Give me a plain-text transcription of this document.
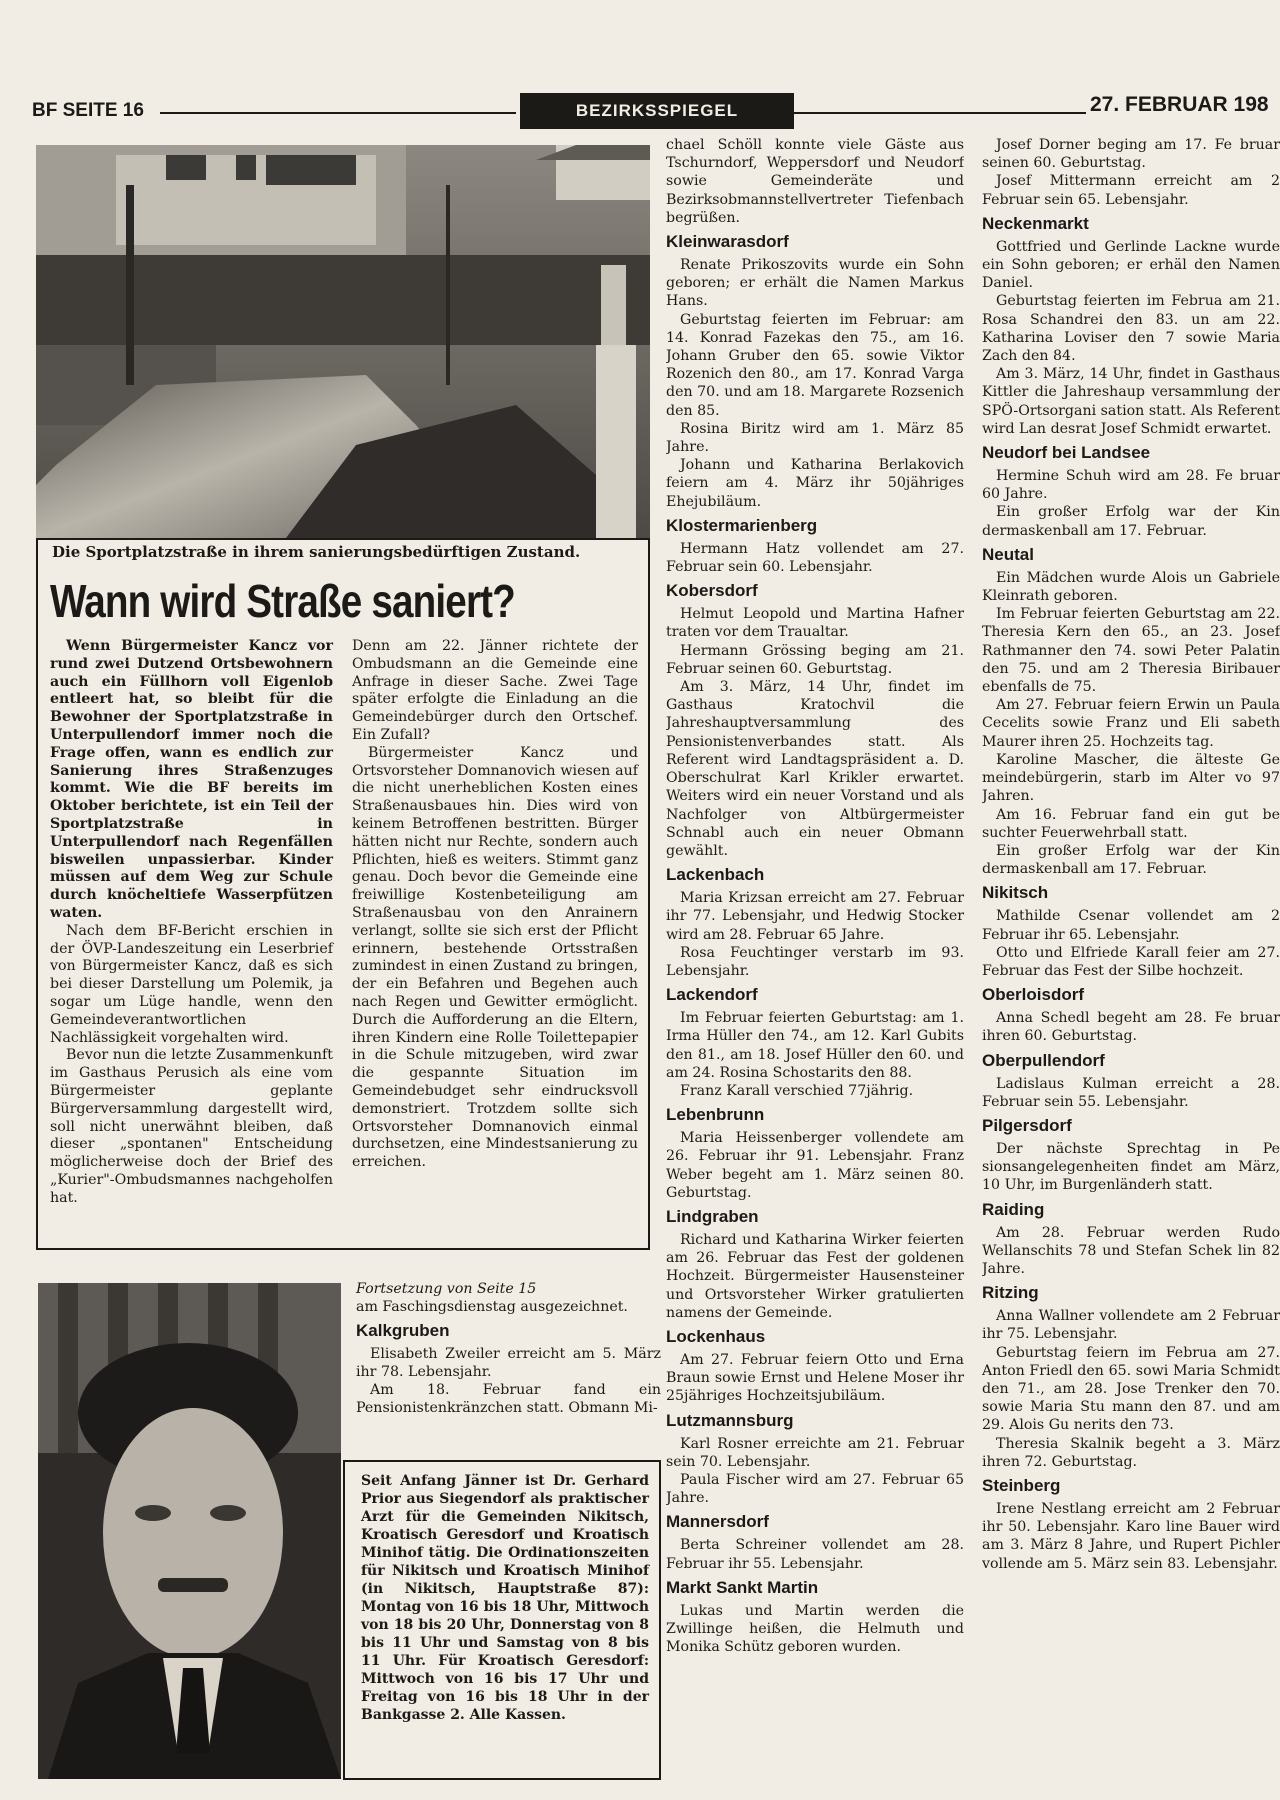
BF SEITE 16	BEZIRKSSPIEGEL	27. FEBRUAR 198
Die Sportplatzstraße in ihrem sanierungsbedürftigen Zustand.
Wann wird Straße saniert?

Wenn Bürgermeister Kancz vor rund zwei Dutzend Ortsbewohnern auch ein Füllhorn voll Eigenlob entleert hat, so bleibt für die Bewohner der Sportplatzstraße in Unterpullendorf immer noch die Frage offen, wann es endlich zur Sanierung ihres Straßenzuges kommt. Wie die BF bereits im Oktober berichtete, ist ein Teil der Sportplatzstraße in Unterpullendorf nach Regenfällen bisweilen unpassierbar. Kinder müssen auf dem Weg zur Schule durch knöcheltiefe Wasserpfützen waten.

Nach dem BF-Bericht erschien in der ÖVP-Landeszeitung ein Leserbrief von Bürgermeister Kancz, daß es sich bei dieser Darstellung um Polemik, ja sogar um Lüge handle, wenn den Gemeindeverantwortlichen Nachlässigkeit vorgehalten wird.

Bevor nun die letzte Zusammenkunft im Gasthaus Perusich als eine vom Bürgermeister geplante Bürgerversammlung dargestellt wird, soll nicht unerwähnt bleiben, daß dieser „spontanen" Entscheidung möglicherweise doch der Brief des „Kurier"-Ombudsmannes nachgeholfen hat.

Denn am 22. Jänner richtete der Ombudsmann an die Gemeinde eine Anfrage in dieser Sache. Zwei Tage später erfolgte die Einladung an die Gemeindebürger durch den Ortschef. Ein Zufall?

Bürgermeister Kancz und Ortsvorsteher Domnanovich wiesen auf die nicht unerheblichen Kosten eines Straßenausbaues hin. Dies wird von keinem Betroffenen bestritten. Bürger hätten nicht nur Rechte, sondern auch Pflichten, hieß es weiters. Stimmt ganz genau. Doch bevor die Gemeinde eine freiwillige Kostenbeteiligung am Straßenausbau von den Anrainern verlangt, sollte sie sich erst der Pflicht erinnern, bestehende Ortsstraßen zumindest in einen Zustand zu bringen, der ein Befahren und Begehen auch nach Regen und Gewitter ermöglicht. Durch die Aufforderung an die Eltern, ihren Kindern eine Rolle Toilettepapier in die Schule mitzugeben, wird zwar die gespannte Situation im Gemeindebudget sehr eindrucksvoll demonstriert. Trotzdem sollte sich Ortsvorsteher Domnanovich einmal durchsetzen, eine Mindestsanierung zu erreichen.

Fortsetzung von Seite 15

am Faschingsdienstag ausgezeichnet.

Kalkgruben

Elisabeth Zweiler erreicht am 5. März ihr 78. Lebensjahr.

Am 18. Februar fand ein Pensionistenkränzchen statt. Obmann Mi-

Seit Anfang Jänner ist Dr. Gerhard Prior aus Siegendorf als praktischer Arzt für die Gemeinden Nikitsch, Kroatisch Geresdorf und Kroatisch Minihof tätig. Die Ordinationszeiten für Nikitsch und Kroatisch Minihof (in Nikitsch, Hauptstraße 87): Montag von 16 bis 18 Uhr, Mittwoch von 18 bis 20 Uhr, Donnerstag von 8 bis 11 Uhr und Samstag von 8 bis 11 Uhr. Für Kroatisch Geresdorf: Mittwoch von 16 bis 17 Uhr und Freitag von 16 bis 18 Uhr in der Bankgasse 2. Alle Kassen.

chael Schöll konnte viele Gäste aus Tschurndorf, Weppersdorf und Neudorf sowie Gemeinderäte und Bezirksobmannstellvertreter Tiefenbach begrüßen.

Kleinwarasdorf

Renate Prikoszovits wurde ein Sohn geboren; er erhält die Namen Markus Hans.

Geburtstag feierten im Februar: am 14. Konrad Fazekas den 75., am 16. Johann Gruber den 65. sowie Viktor Rozenich den 80., am 17. Konrad Varga den 70. und am 18. Margarete Rozsenich den 85.

Rosina Biritz wird am 1. März 85 Jahre.

Johann und Katharina Berlakovich feiern am 4. März ihr 50jähriges Ehejubiläum.

Klostermarienberg

Hermann Hatz vollendet am 27. Februar sein 60. Lebensjahr.

Kobersdorf

Helmut Leopold und Martina Hafner traten vor dem Traualtar.

Hermann Grössing beging am 21. Februar seinen 60. Geburtstag.

Am 3. März, 14 Uhr, findet im Gasthaus Kratochvil die Jahreshauptversammlung des Pensionistenverbandes statt. Als Referent wird Landtagspräsident a. D. Oberschulrat Karl Krikler erwartet. Weiters wird ein neuer Vorstand und als Nachfolger von Altbürgermeister Schnabl auch ein neuer Obmann gewählt.

Lackenbach

Maria Krizsan erreicht am 27. Februar ihr 77. Lebensjahr, und Hedwig Stocker wird am 28. Februar 65 Jahre.

Rosa Feuchtinger verstarb im 93. Lebensjahr.

Lackendorf

Im Februar feierten Geburtstag: am 1. Irma Hüller den 74., am 12. Karl Gubits den 81., am 18. Josef Hüller den 60. und am 24. Rosina Schostarits den 88.

Franz Karall verschied 77jährig.

Lebenbrunn

Maria Heissenberger vollendete am 26. Februar ihr 91. Lebensjahr. Franz Weber begeht am 1. März seinen 80. Geburtstag.

Lindgraben

Richard und Katharina Wirker feierten am 26. Februar das Fest der goldenen Hochzeit. Bürgermeister Hausensteiner und Ortsvorsteher Wirker gratulierten namens der Gemeinde.

Lockenhaus

Am 27. Februar feiern Otto und Erna Braun sowie Ernst und Helene Moser ihr 25jähriges Hochzeitsjubiläum.

Lutzmannsburg

Karl Rosner erreichte am 21. Februar sein 70. Lebensjahr.

Paula Fischer wird am 27. Februar 65 Jahre.

Mannersdorf

Berta Schreiner vollendet am 28. Februar ihr 55. Lebensjahr.

Markt Sankt Martin

Lukas und Martin werden die Zwillinge heißen, die Helmuth und Monika Schütz geboren wurden.

Josef Dorner beging am 17. Fe bruar seinen 60. Geburtstag.

Josef Mittermann erreicht am 2 Februar sein 65. Lebensjahr.

Neckenmarkt

Gottfried und Gerlinde Lackne wurde ein Sohn geboren; er erhäl den Namen Daniel.

Geburtstag feierten im Februa am 21. Rosa Schandrei den 83. un am 22. Katharina Loviser den 7 sowie Maria Zach den 84.

Am 3. März, 14 Uhr, findet in Gasthaus Kittler die Jahreshaup versammlung der SPÖ-Ortsorgani sation statt. Als Referent wird Lan desrat Josef Schmidt erwartet.

Neudorf bei Landsee

Hermine Schuh wird am 28. Fe bruar 60 Jahre.

Ein großer Erfolg war der Kin dermaskenball am 17. Februar.

Neutal

Ein Mädchen wurde Alois un Gabriele Kleinrath geboren.

Im Februar feierten Geburtstag am 22. Theresia Kern den 65., an 23. Josef Rathmanner den 74. sowi Peter Palatin den 75. und am 2 Theresia Biribauer ebenfalls de 75.

Am 27. Februar feiern Erwin un Paula Cecelits sowie Franz und Eli sabeth Maurer ihren 25. Hochzeits tag.

Karoline Mascher, die älteste Ge meindebürgerin, starb im Alter vo 97 Jahren.

Am 16. Februar fand ein gut be suchter Feuerwehrball statt.

Ein großer Erfolg war der Kin dermaskenball am 17. Februar.

Nikitsch

Mathilde Csenar vollendet am 2 Februar ihr 65. Lebensjahr.

Otto und Elfriede Karall feier am 27. Februar das Fest der Silbe hochzeit.

Oberloisdorf

Anna Schedl begeht am 28. Fe bruar ihren 60. Geburtstag.

Oberpullendorf

Ladislaus Kulman erreicht a 28. Februar sein 55. Lebensjahr.

Pilgersdorf

Der nächste Sprechtag in Pe sionsangelegenheiten findet am März, 10 Uhr, im Burgenländerh statt.

Raiding

Am 28. Februar werden Rudo Wellanschits 78 und Stefan Schek lin 82 Jahre.

Ritzing

Anna Wallner vollendete am 2 Februar ihr 75. Lebensjahr.

Geburtstag feiern im Februa am 27. Anton Friedl den 65. sowi Maria Schmidt den 71., am 28. Jose Trenker den 70. sowie Maria Stu mann den 87. und am 29. Alois Gu nerits den 73.

Theresia Skalnik begeht a 3. März ihren 72. Geburtstag.

Steinberg

Irene Nestlang erreicht am 2 Februar ihr 50. Lebensjahr. Karo line Bauer wird am 3. März 8 Jahre, und Rupert Pichler vollende am 5. März sein 83. Lebensjahr.
